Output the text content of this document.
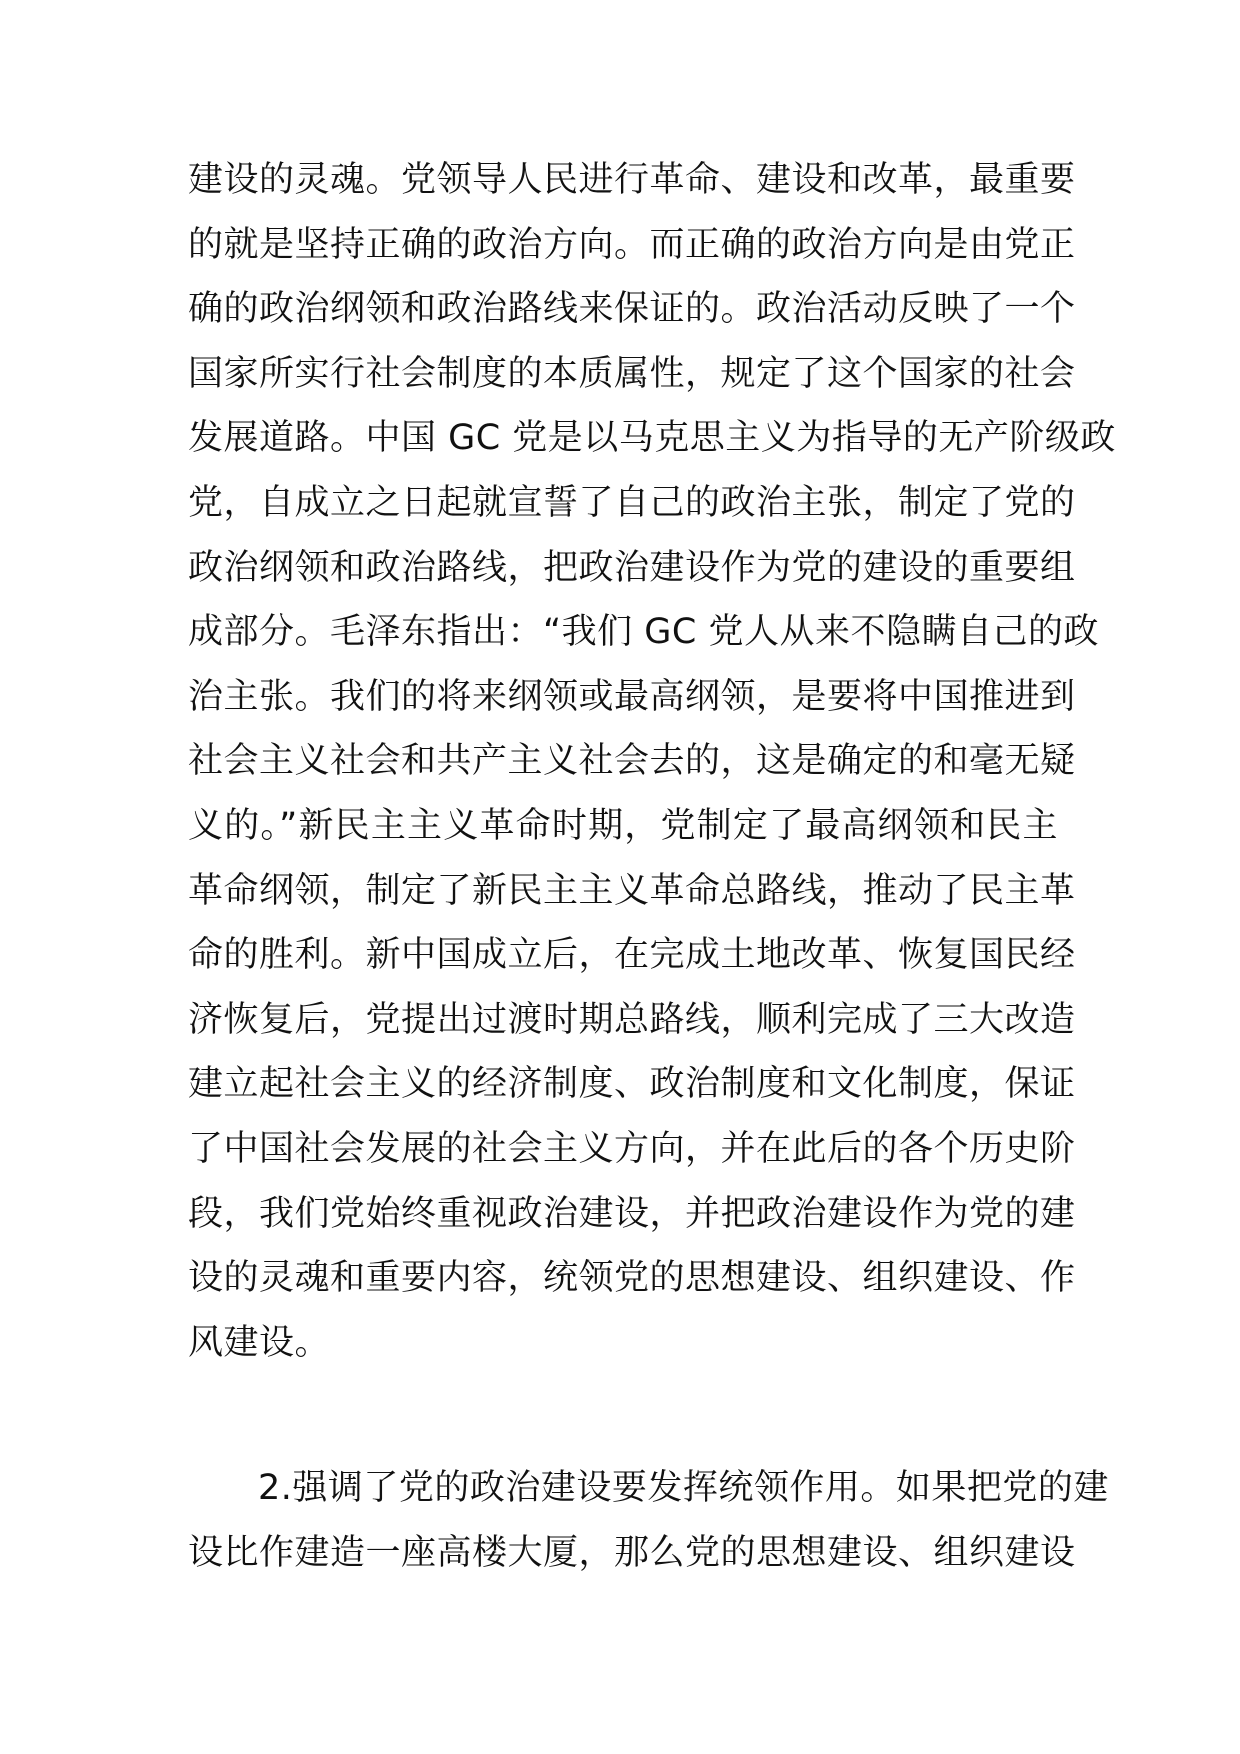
建设的灵魂。党领导人民进行革命、建设和改革，最重要
的就是坚持正确的政治方向。而正确的政治方向是由党正
确的政治纲领和政治路线来保证的。政治活动反映了一个
国家所实行社会制度的本质属性，规定了这个国家的社会
发展道路。中国 GC 党是以马克思主义为指导的无产阶级政
党，自成立之日起就宣誓了自己的政治主张，制定了党的
政治纲领和政治路线，把政治建设作为党的建设的重要组
成部分。毛泽东指出：“我们 GC 党人从来不隐瞒自己的政
治主张。我们的将来纲领或最高纲领，是要将中国推进到
社会主义社会和共产主义社会去的，这是确定的和毫无疑
义的。”新民主主义革命时期，党制定了最高纲领和民主
革命纲领，制定了新民主主义革命总路线，推动了民主革
命的胜利。新中国成立后，在完成土地改革、恢复国民经
济恢复后，党提出过渡时期总路线，顺利完成了三大改造
建立起社会主义的经济制度、政治制度和文化制度，保证
了中国社会发展的社会主义方向，并在此后的各个历史阶
段，我们党始终重视政治建设，并把政治建设作为党的建
设的灵魂和重要内容，统领党的思想建设、组织建设、作
风建设。
2.强调了党的政治建设要发挥统领作用。如果把党的建
设比作建造一座高楼大厦，那么党的思想建设、组织建设
